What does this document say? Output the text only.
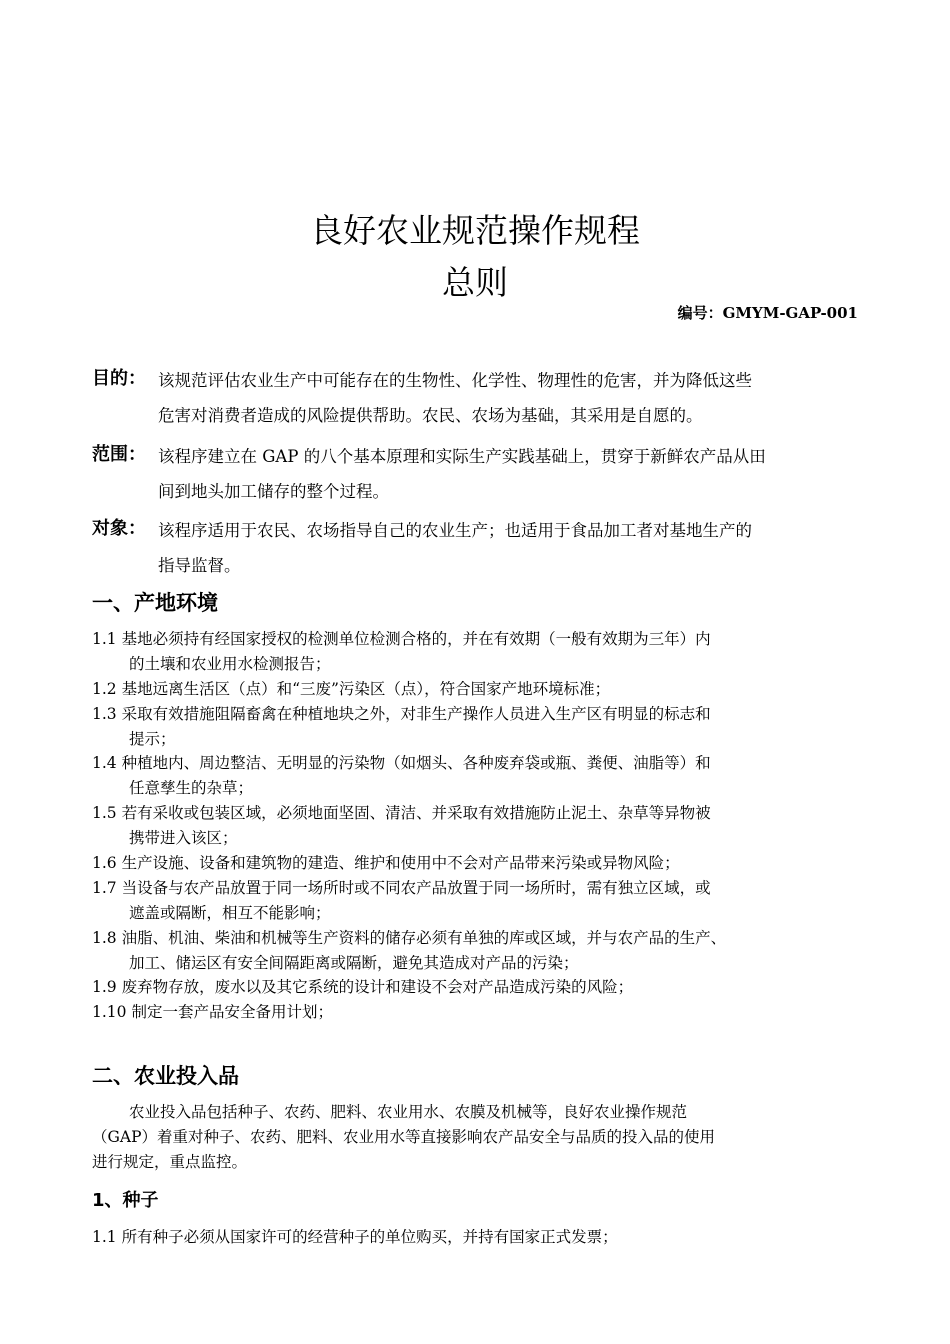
良好农业规范操作规程
总则
编号：GMYM-GAP-001
目的： 该规范评估农业生产中可能存在的生物性、化学性、物理性的危害，并为降低这些
危害对消费者造成的风险提供帮助。农民、农场为基础，其采用是自愿的。
范围： 该程序建立在 GAP 的八个基本原理和实际生产实践基础上，贯穿于新鲜农产品从田
间到地头加工储存的整个过程。
对象： 该程序适用于农民、农场指导自己的农业生产；也适用于食品加工者对基地生产的
指导监督。
一、产地环境
1.1 基地必须持有经国家授权的检测单位检测合格的，并在有效期（一般有效期为三年）内
的土壤和农业用水检测报告；
1.2 基地远离生活区（点）和“三废”污染区（点），符合国家产地环境标准；
1.3 采取有效措施阻隔畜禽在种植地块之外，对非生产操作人员进入生产区有明显的标志和
提示；
1.4 种植地内、周边整洁、无明显的污染物（如烟头、各种废弃袋或瓶、粪便、油脂等）和
任意孳生的杂草；
1.5 若有采收或包装区域，必须地面坚固、清洁、并采取有效措施防止泥土、杂草等异物被
携带进入该区；
1.6 生产设施、设备和建筑物的建造、维护和使用中不会对产品带来污染或异物风险；
1.7 当设备与农产品放置于同一场所时或不同农产品放置于同一场所时，需有独立区域，或
遮盖或隔断，相互不能影响；
1.8 油脂、机油、柴油和机械等生产资料的储存必须有单独的库或区域，并与农产品的生产、
加工、储运区有安全间隔距离或隔断，避免其造成对产品的污染；
1.9 废弃物存放，废水以及其它系统的设计和建设不会对产品造成污染的风险；
1.10 制定一套产品安全备用计划；
二、农业投入品
农业投入品包括种子、农药、肥料、农业用水、农膜及机械等，良好农业操作规范
（GAP）着重对种子、农药、肥料、农业用水等直接影响农产品安全与品质的投入品的使用
进行规定，重点监控。
1、种子
1.1 所有种子必须从国家许可的经营种子的单位购买，并持有国家正式发票；
